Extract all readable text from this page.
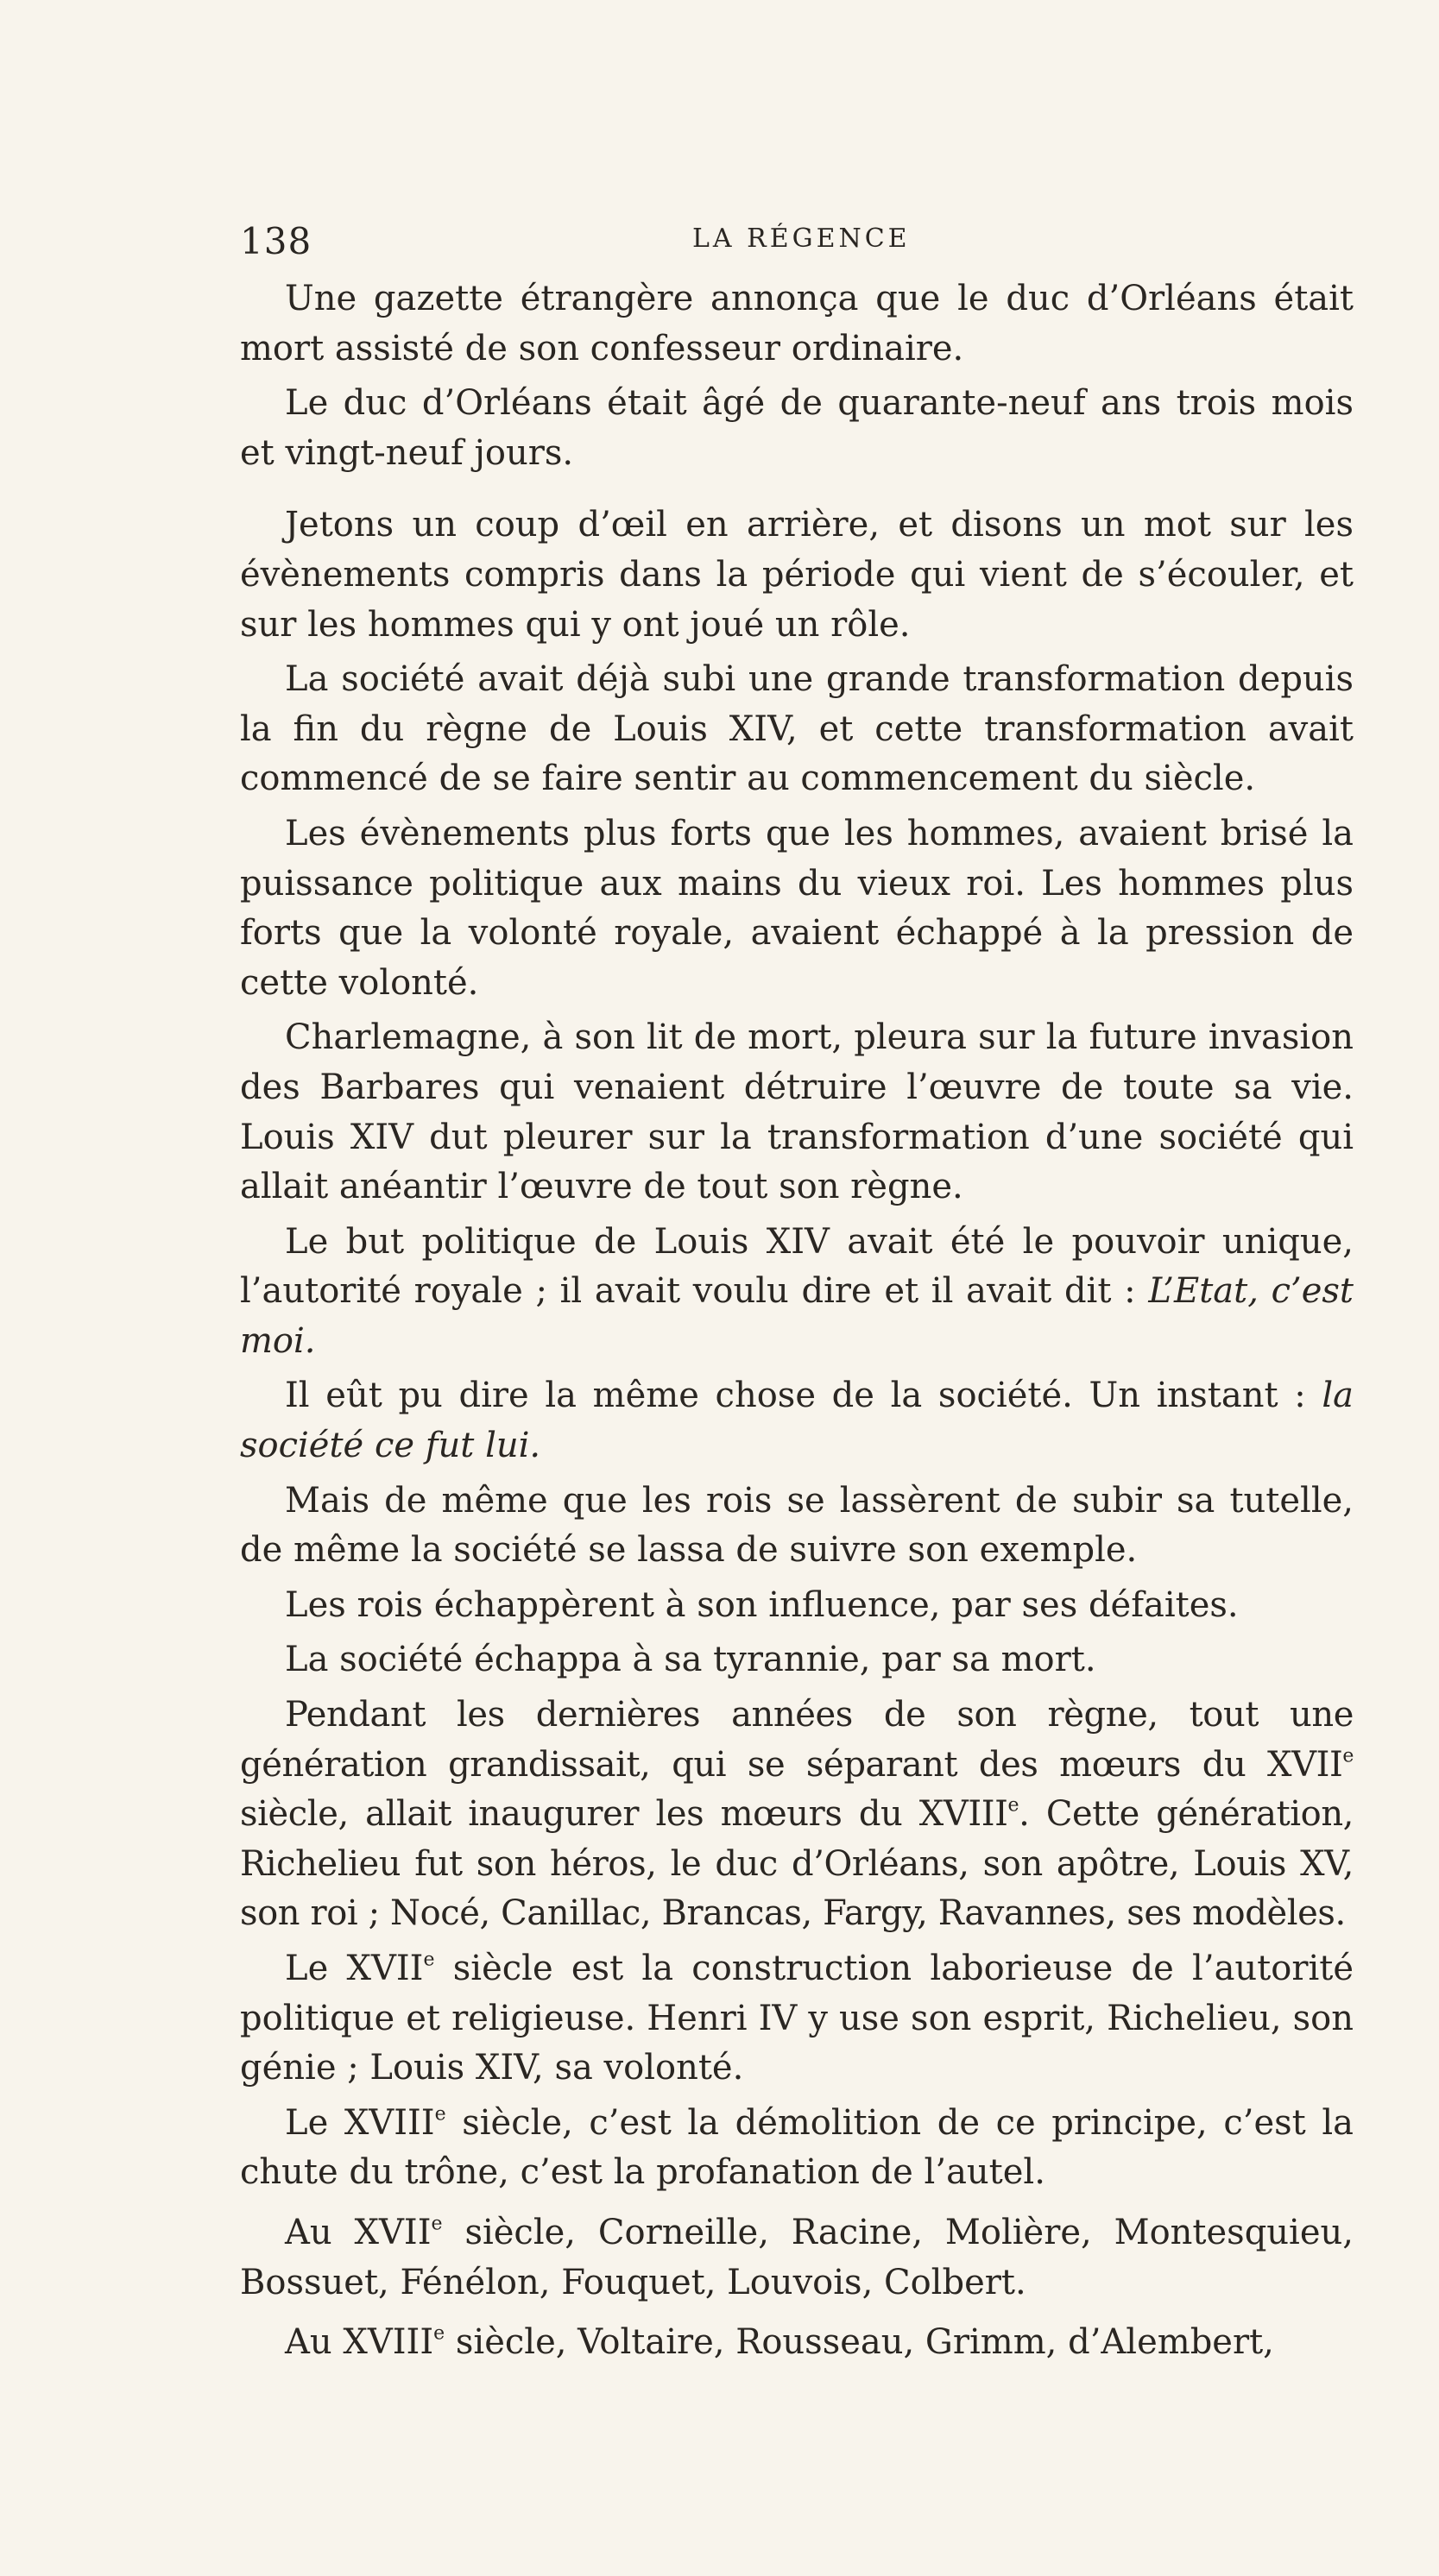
138	LA RÉGENCE

Une gazette étrangère annonça que le duc d’Orléans était mort assisté de son confesseur ordinaire.

Le duc d’Orléans était âgé de quarante-neuf ans trois mois et vingt-neuf jours.

Jetons un coup d’œil en arrière, et disons un mot sur les évènements compris dans la période qui vient de s’écouler, et sur les hommes qui y ont joué un rôle.

La société avait déjà subi une grande transformation depuis la fin du règne de Louis XIV, et cette transformation avait commencé de se faire sentir au commencement du siècle.

Les évènements plus forts que les hommes, avaient brisé la puissance politique aux mains du vieux roi. Les hommes plus forts que la volonté royale, avaient échappé à la pression de cette volonté.

Charlemagne, à son lit de mort, pleura sur la future invasion des Barbares qui venaient détruire l’œuvre de toute sa vie. Louis XIV dut pleurer sur la transformation d’une société qui allait anéantir l’œuvre de tout son règne.

Le but politique de Louis XIV avait été le pouvoir unique, l’autorité royale ; il avait voulu dire et il avait dit : L’Etat, c’est moi.

Il eût pu dire la même chose de la société. Un instant : la société ce fut lui.

Mais de même que les rois se lassèrent de subir sa tutelle, de même la société se lassa de suivre son exemple.

Les rois échappèrent à son influence, par ses défaites.

La société échappa à sa tyrannie, par sa mort.

Pendant les dernières années de son règne, tout une génération grandissait, qui se séparant des mœurs du XVIIe siècle, allait inaugurer les mœurs du XVIIIe. Cette génération, Richelieu fut son héros, le duc d’Orléans, son apôtre, Louis XV, son roi ; Nocé, Canillac, Brancas, Fargy, Ravannes, ses modèles.

Le XVIIe siècle est la construction laborieuse de l’autorité politique et religieuse. Henri IV y use son esprit, Richelieu, son génie ; Louis XIV, sa volonté.

Le XVIIIe siècle, c’est la démolition de ce principe, c’est la chute du trône, c’est la profanation de l’autel.

Au XVIIe siècle, Corneille, Racine, Molière, Montesquieu, Bossuet, Fénélon, Fouquet, Louvois, Colbert.

Au XVIIIe siècle, Voltaire, Rousseau, Grimm, d’Alembert,
